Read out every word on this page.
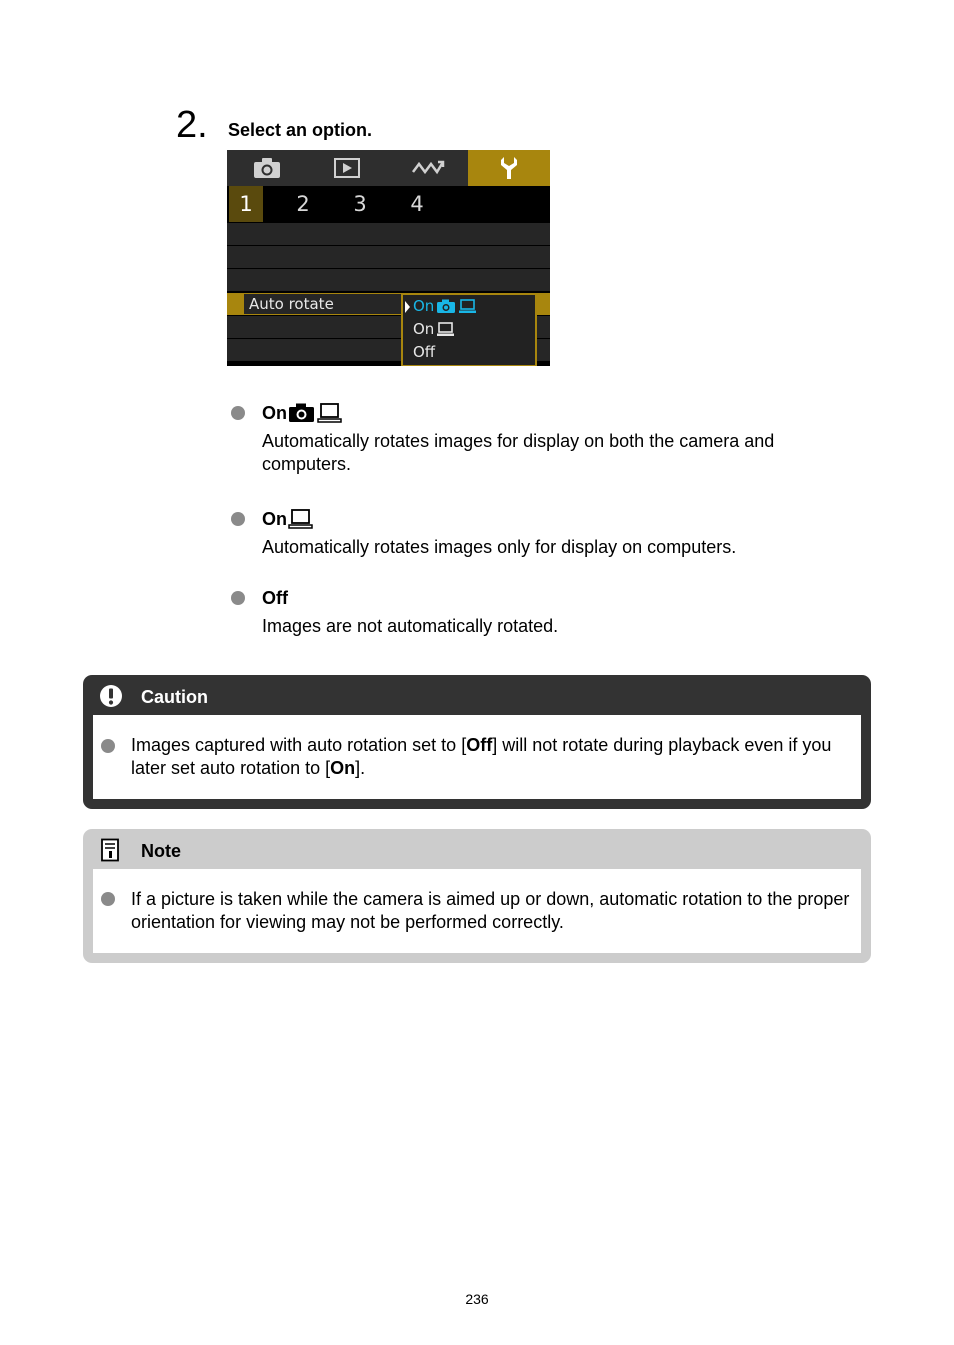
2. Select an option.
1	2	3	4
Auto rotate	On
On
Off
On
Automatically rotates images for display on both the camera and computers.
On
Automatically rotates images only for display on computers.
Off
Images are not automatically rotated.
Caution
Images captured with auto rotation set to [Off] will not rotate during playback even if you later set auto rotation to [On].
Note
If a picture is taken while the camera is aimed up or down, automatic rotation to the proper orientation for viewing may not be performed correctly.
236
